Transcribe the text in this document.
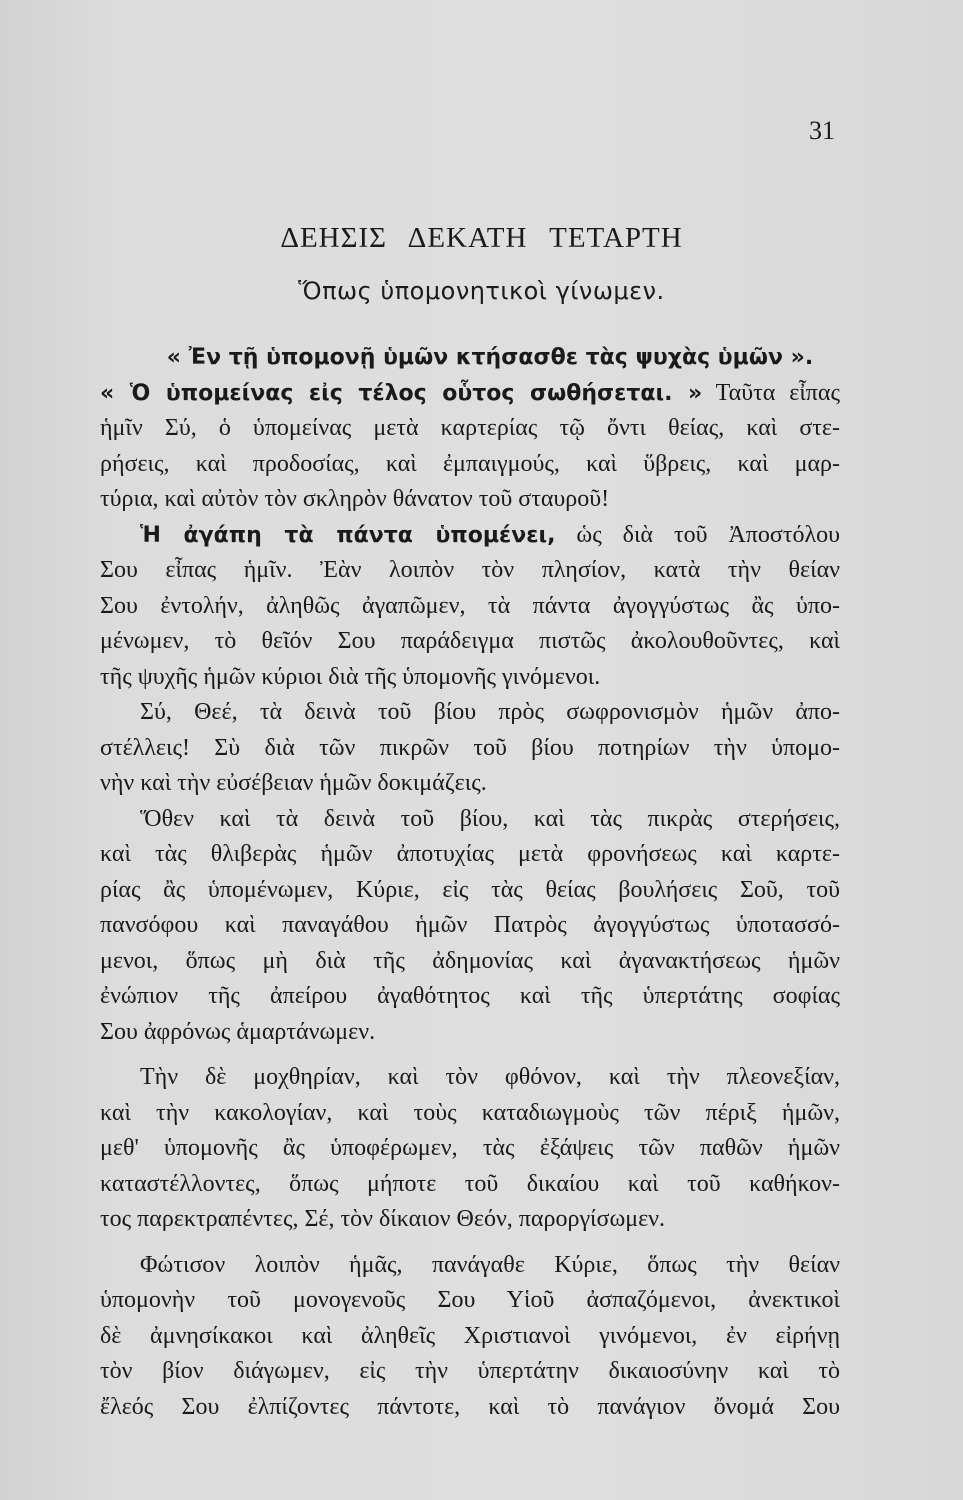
31
ΔΕΗΣΙΣ ΔΕΚΑΤΗ ΤΕΤΑΡΤΗ
Ὅπως ὑπομονητικοὶ γίνωμεν.
« Ἐν τῇ ὑπομονῇ ὑμῶν κτήσασθε τὰς ψυχὰς ὑμῶν ».
« Ὁ ὑπομείνας εἰς τέλος οὗτος σωθήσεται. » Ταῦτα εἶπας
ἡμῖν Σύ, ὁ ὑπομείνας μετὰ καρτερίας τῷ ὄντι θείας, καὶ στε-
ρήσεις, καὶ προδοσίας, καὶ ἐμπαιγμούς, καὶ ὕβρεις, καὶ μαρ-
τύρια, καὶ αὐτὸν τὸν σκληρὸν θάνατον τοῦ σταυροῦ!
Ἡ ἀγάπη τὰ πάντα ὑπομένει, ὡς διὰ τοῦ Ἀποστόλου
Σου εἶπας ἡμῖν. Ἐὰν λοιπὸν τὸν πλησίον, κατὰ τὴν θείαν
Σου ἐντολήν, ἀληθῶς ἀγαπῶμεν, τὰ πάντα ἀγογγύστως ἂς ὑπο-
μένωμεν, τὸ θεῖόν Σου παράδειγμα πιστῶς ἀκολουθοῦντες, καὶ
τῆς ψυχῆς ἡμῶν κύριοι διὰ τῆς ὑπομονῆς γινόμενοι.
Σύ, Θεέ, τὰ δεινὰ τοῦ βίου πρὸς σωφρονισμὸν ἡμῶν ἀπο-
στέλλεις! Σὺ διὰ τῶν πικρῶν τοῦ βίου ποτηρίων τὴν ὑπομο-
νὴν καὶ τὴν εὐσέβειαν ἡμῶν δοκιμάζεις.
Ὅθεν καὶ τὰ δεινὰ τοῦ βίου, καὶ τὰς πικρὰς στερήσεις,
καὶ τὰς θλιβερὰς ἡμῶν ἀποτυχίας μετὰ φρονήσεως καὶ καρτε-
ρίας ἂς ὑπομένωμεν, Κύριε, εἰς τὰς θείας βουλήσεις Σοῦ, τοῦ
πανσόφου καὶ παναγάθου ἡμῶν Πατρὸς ἀγογγύστως ὑποτασσό-
μενοι, ὅπως μὴ διὰ τῆς ἀδημονίας καὶ ἀγανακτήσεως ἡμῶν
ἐνώπιον τῆς ἀπείρου ἀγαθότητος καὶ τῆς ὑπερτάτης σοφίας
Σου ἀφρόνως ἁμαρτάνωμεν.
Τὴν δὲ μοχθηρίαν, καὶ τὸν φθόνον, καὶ τὴν πλεονεξίαν,
καὶ τὴν κακολογίαν, καὶ τοὺς καταδιωγμοὺς τῶν πέριξ ἡμῶν,
μεθ' ὑπομονῆς ἂς ὑποφέρωμεν, τὰς ἐξάψεις τῶν παθῶν ἡμῶν
καταστέλλοντες, ὅπως μήποτε τοῦ δικαίου καὶ τοῦ καθήκον-
τος παρεκτραπέντες, Σέ, τὸν δίκαιον Θεόν, παροργίσωμεν.
Φώτισον λοιπὸν ἡμᾶς, πανάγαθε Κύριε, ὅπως τὴν θείαν
ὑπομονὴν τοῦ μονογενοῦς Σου Υἱοῦ ἀσπαζόμενοι, ἀνεκτικοὶ
δὲ ἀμνησίκακοι καὶ ἀληθεῖς Χριστιανοὶ γινόμενοι, ἐν εἰρήνῃ
τὸν βίον διάγωμεν, εἰς τὴν ὑπερτάτην δικαιοσύνην καὶ τὸ
ἔλεός Σου ἐλπίζοντες πάντοτε, καὶ τὸ πανάγιον ὄνομά Σου
